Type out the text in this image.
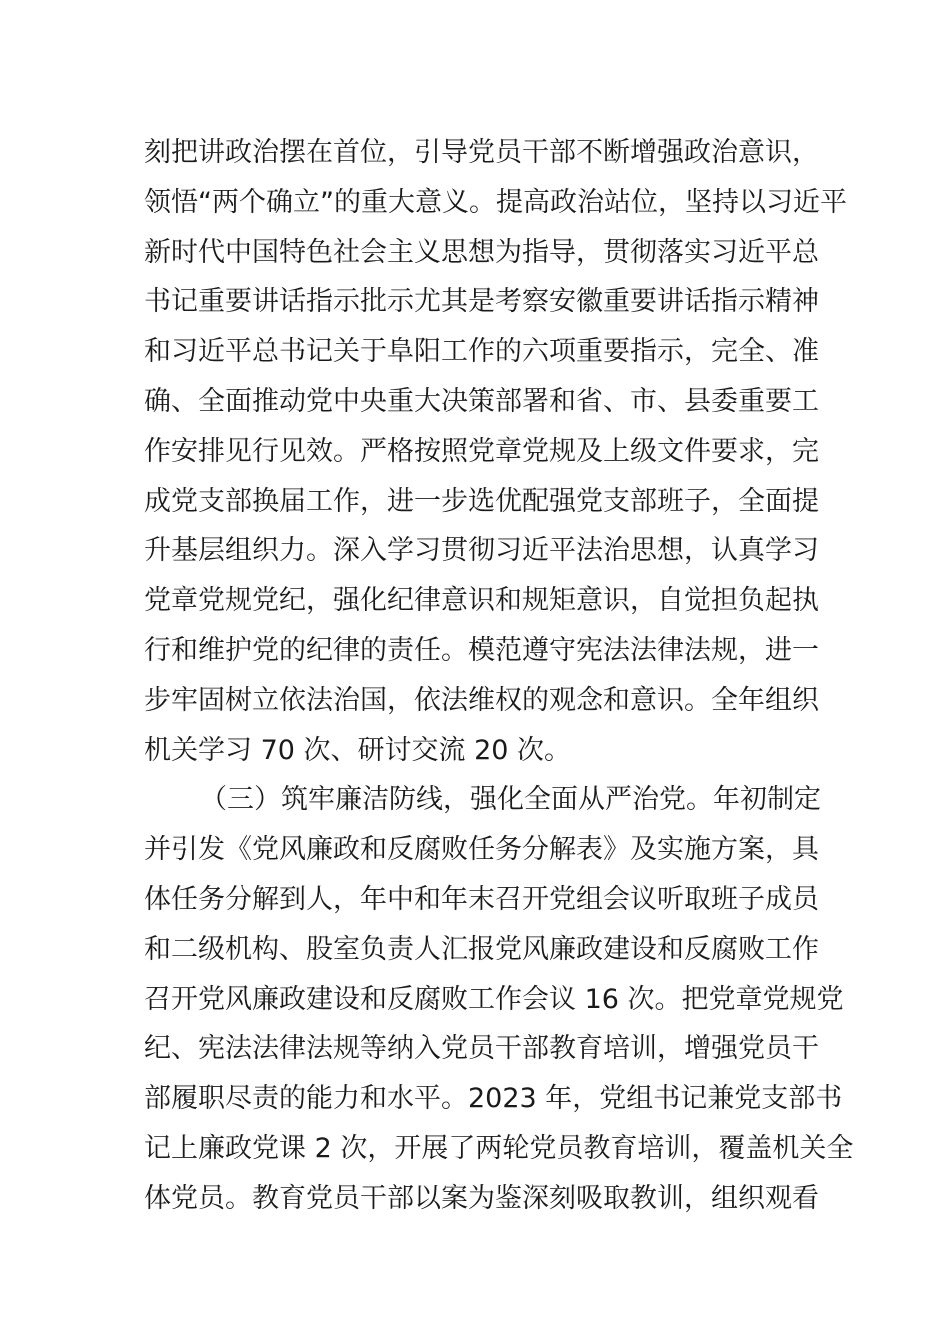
刻把讲政治摆在首位，引导党员干部不断增强政治意识，

领悟“两个确立”的重大意义。提高政治站位，坚持以习近平

新时代中国特色社会主义思想为指导，贯彻落实习近平总

书记重要讲话指示批示尤其是考察安徽重要讲话指示精神

和习近平总书记关于阜阳工作的六项重要指示，完全、准

确、全面推动党中央重大决策部署和省、市、县委重要工

作安排见行见效。严格按照党章党规及上级文件要求，完

成党支部换届工作，进一步选优配强党支部班子，全面提

升基层组织力。深入学习贯彻习近平法治思想，认真学习

党章党规党纪，强化纪律意识和规矩意识，自觉担负起执

行和维护党的纪律的责任。模范遵守宪法法律法规，进一

步牢固树立依法治国，依法维权的观念和意识。全年组织

机关学习 70 次、研讨交流 20 次。

（三）筑牢廉洁防线，强化全面从严治党。年初制定

并引发《党风廉政和反腐败任务分解表》及实施方案，具

体任务分解到人，年中和年末召开党组会议听取班子成员

和二级机构、股室负责人汇报党风廉政建设和反腐败工作

召开党风廉政建设和反腐败工作会议 16 次。把党章党规党

纪、宪法法律法规等纳入党员干部教育培训，增强党员干

部履职尽责的能力和水平。2023 年，党组书记兼党支部书

记上廉政党课 2 次，开展了两轮党员教育培训，覆盖机关全

体党员。教育党员干部以案为鉴深刻吸取教训，组织观看
